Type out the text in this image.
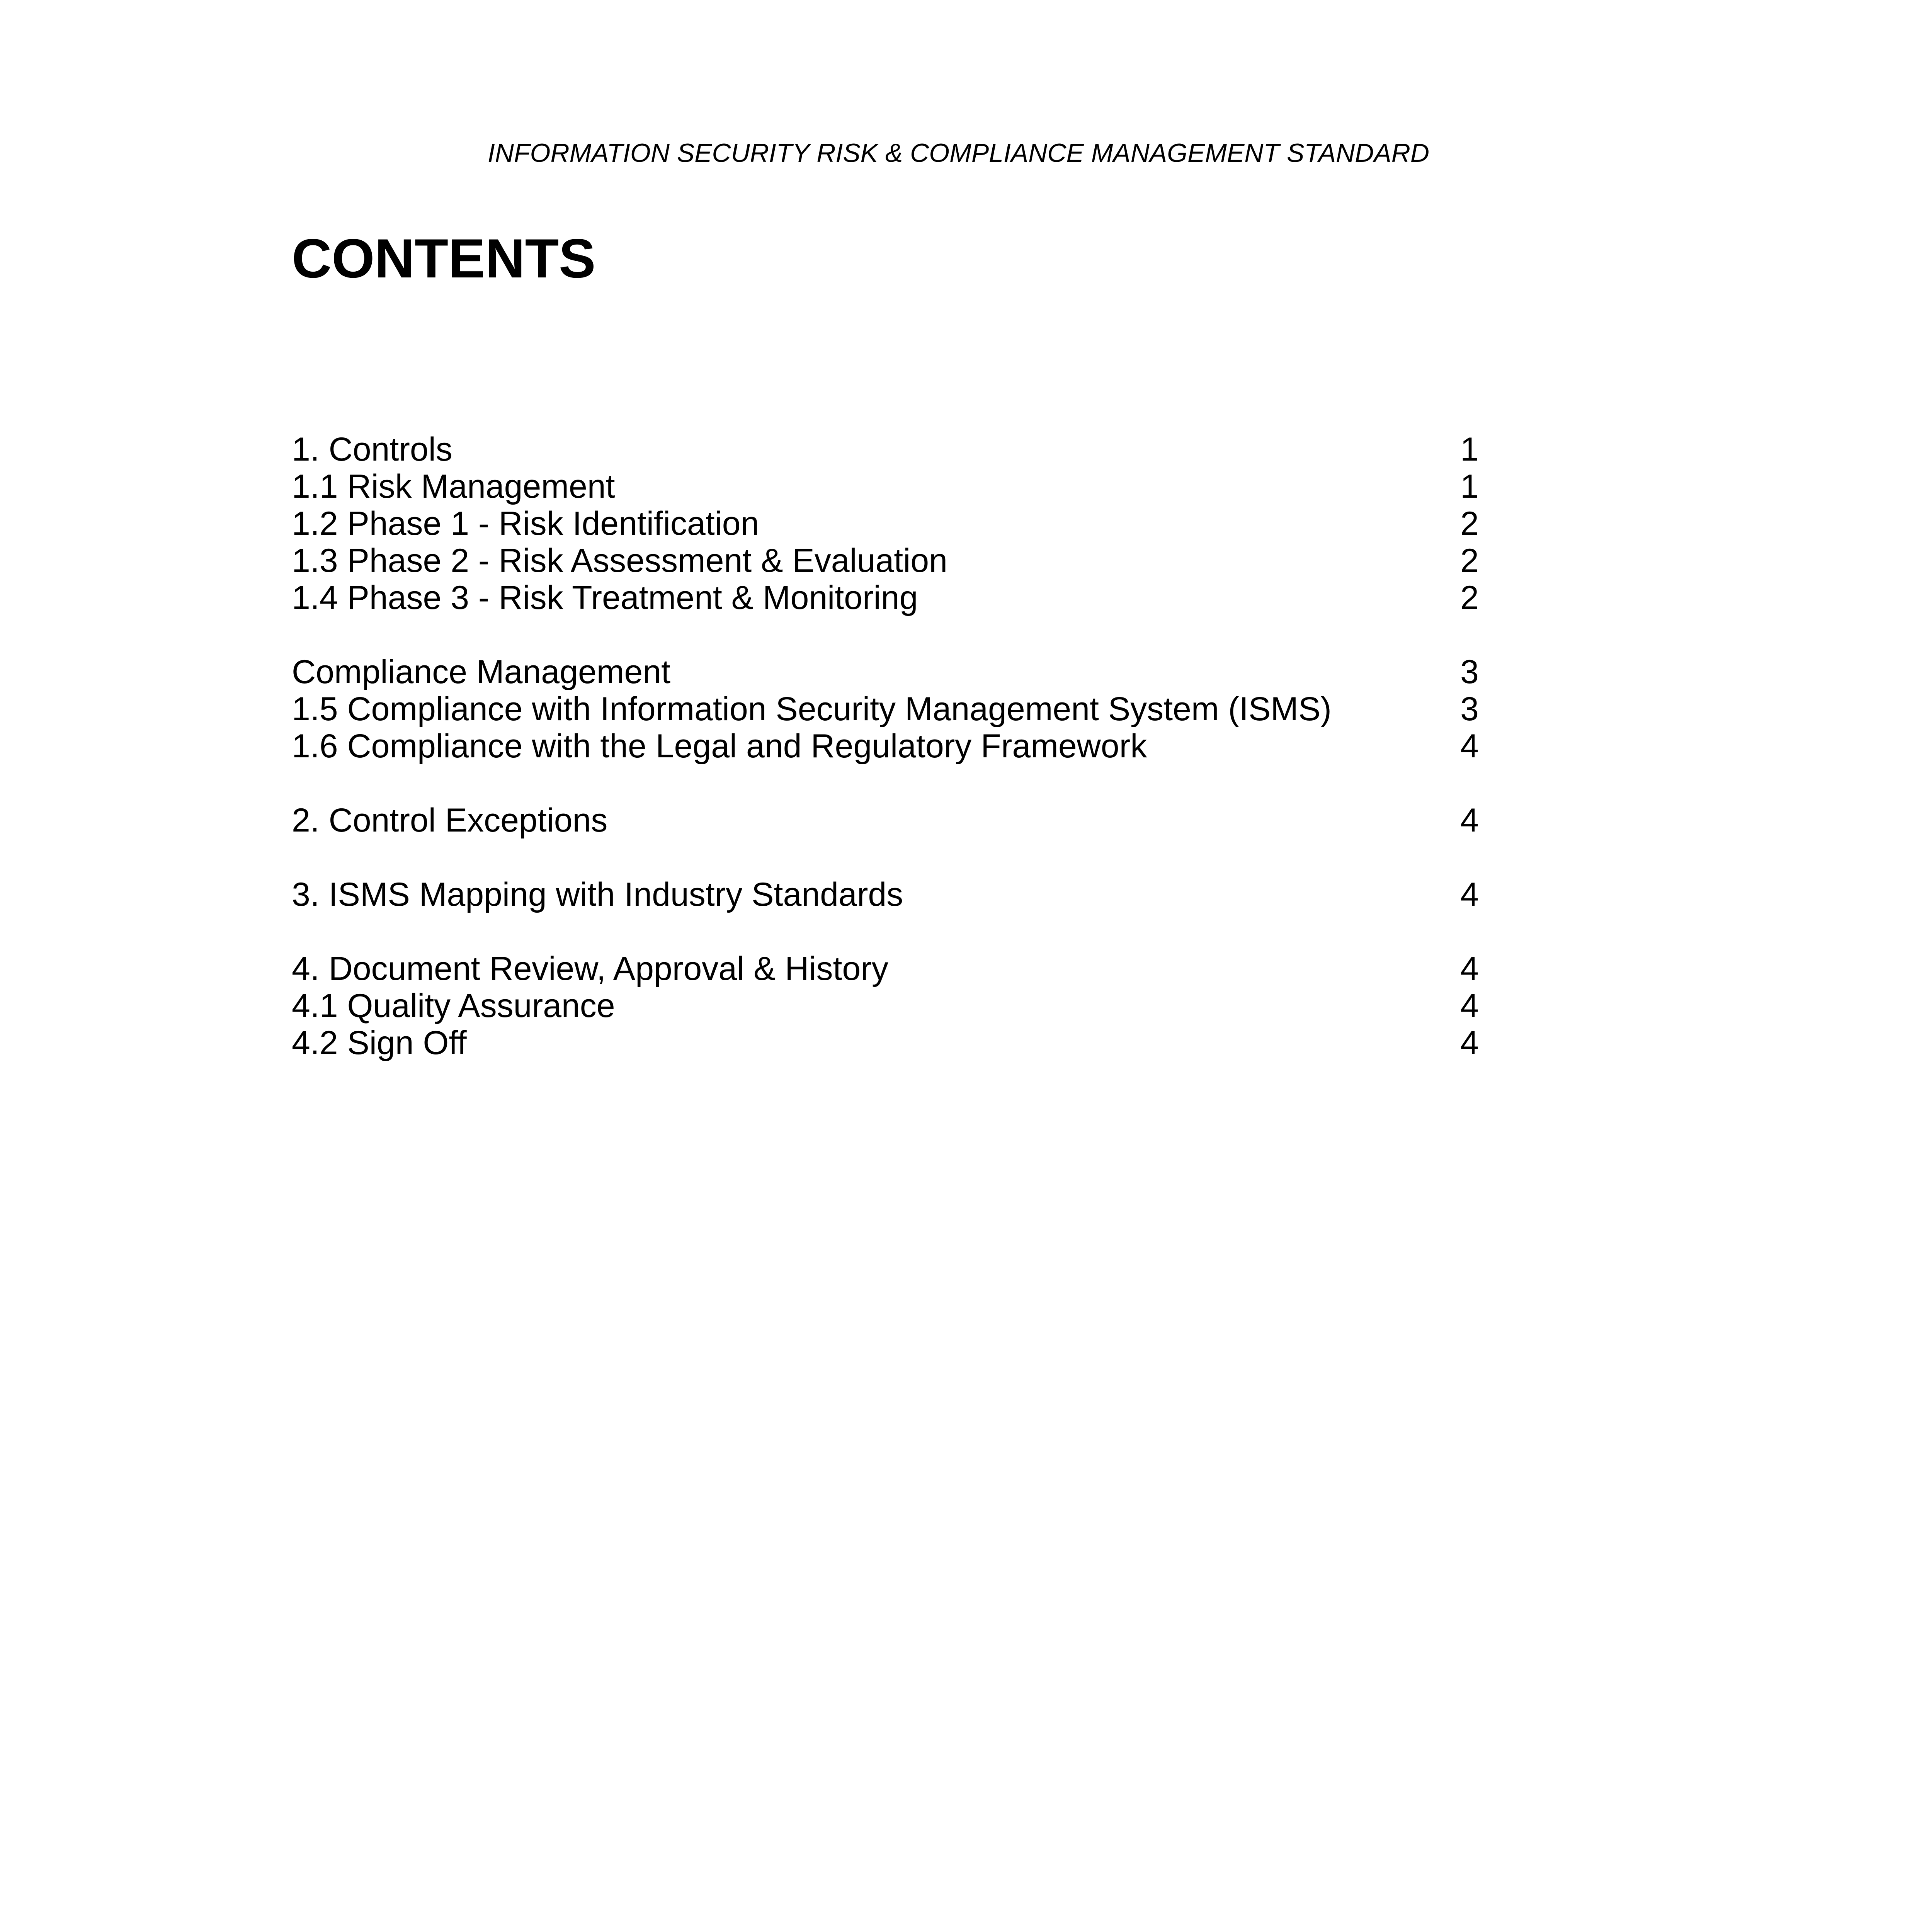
INFORMATION SECURITY RISK & COMPLIANCE MANAGEMENT STANDARD
CONTENTS
1. Controls	1
1.1 Risk Management	1
1.2 Phase 1 - Risk Identification	2
1.3 Phase 2 - Risk Assessment & Evaluation	2
1.4 Phase 3 - Risk Treatment & Monitoring	2
Compliance Management	3
1.5 Compliance with Information Security Management System (ISMS)	3
1.6 Compliance with the Legal and Regulatory Framework	4
2. Control Exceptions	4
3. ISMS Mapping with Industry Standards	4
4. Document Review, Approval & History	4
4.1 Quality Assurance	4
4.2 Sign Off	4
